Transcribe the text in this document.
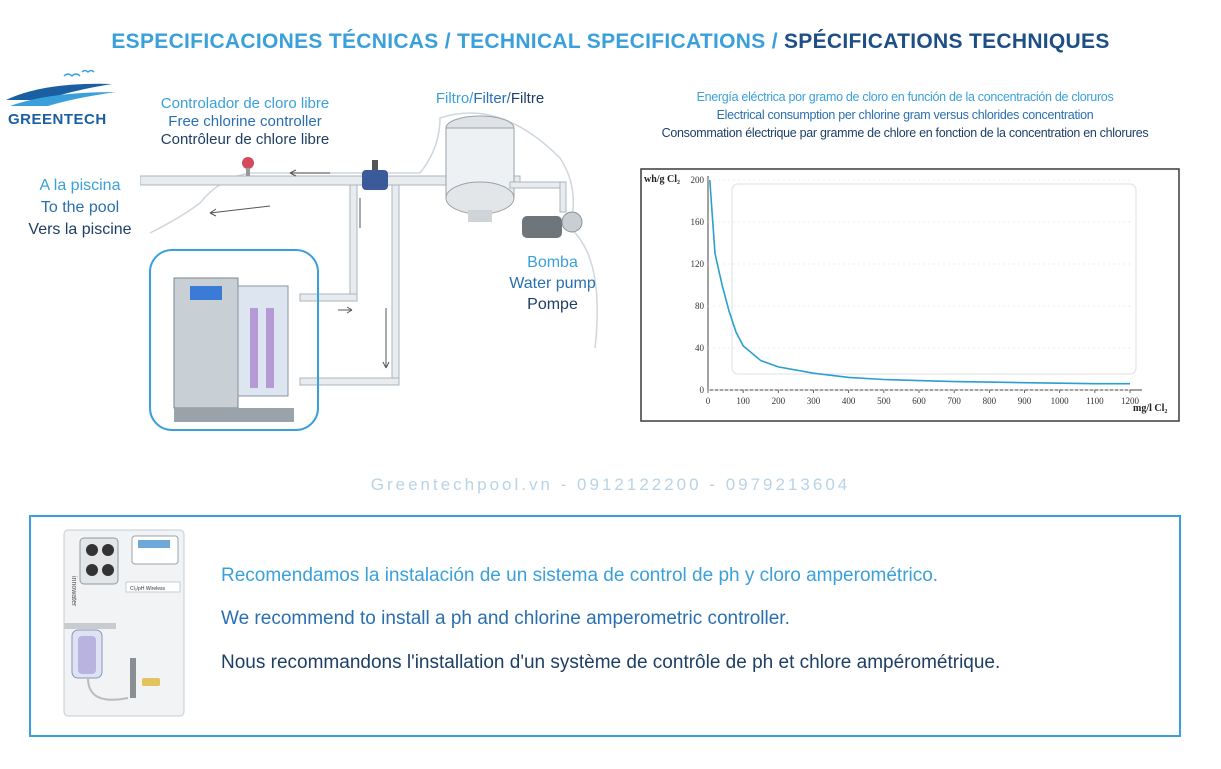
ESPECIFICACIONES TÉCNICAS / TECHNICAL SPECIFICATIONS / SPÉCIFICATIONS TECHNIQUES
GREENTECH
Controlador de cloro libre
Free chlorine controller
Contrôleur de chlore libre
Filtro/Filter/Filtre
A la piscina
To the pool
Vers la piscine
Bomba
Water pump
Pompe
Energía eléctrica por gramo de cloro en función de la concentración de cloruros
Electrical consumption per chlorine gram versus chlorides concentration
Consommation électrique par gramme de chlore en fonction de la concentration en chlorures
0
40
80
120
160
200
0	100 200 300 400 500 600 700 800 900 1000 1100 1200
wh/g Cl₂
mg/l Cl₂
Greentechpool.vn - 0912122200 - 0979213604
Cl₂/pH Wireless
innowater
Recomendamos la instalación de un sistema de control de ph y cloro amperométrico.
We recommend to install a ph and chlorine amperometric controller.
Nous recommandons l'installation d'un système de contrôle de ph et chlore ampérométrique.
